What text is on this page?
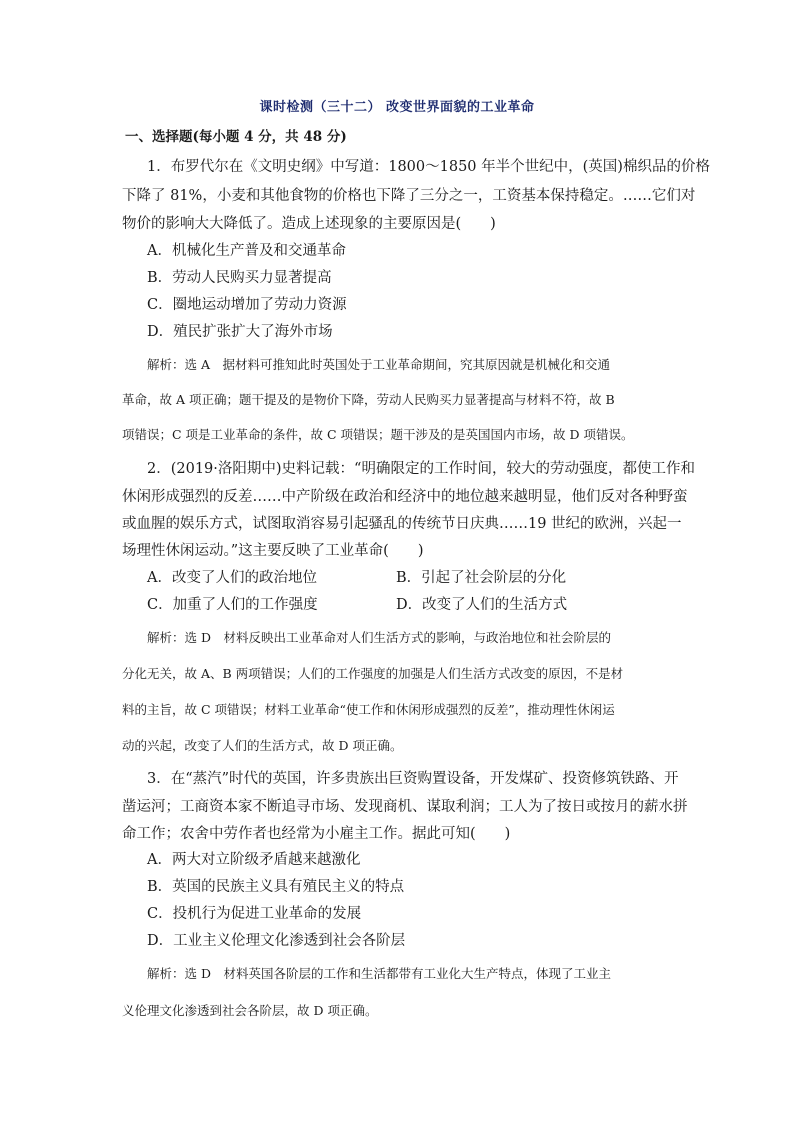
课时检测（三十二） 改变世界面貌的工业革命
一、选择题(每小题 4 分，共 48 分)
1．布罗代尔在《文明史纲》中写道：1800～1850 年半个世纪中，(英国)棉织品的价格
下降了 81%，小麦和其他食物的价格也下降了三分之一，工资基本保持稳定。……它们对
物价的影响大大降低了。造成上述现象的主要原因是(　　)
A．机械化生产普及和交通革命
B．劳动人民购买力显著提高
C．圈地运动增加了劳动力资源
D．殖民扩张扩大了海外市场
解析：选 A　据材料可推知此时英国处于工业革命期间，究其原因就是机械化和交通
革命，故 A 项正确；题干提及的是物价下降，劳动人民购买力显著提高与材料不符，故 B
项错误；C 项是工业革命的条件，故 C 项错误；题干涉及的是英国国内市场，故 D 项错误。
2．(2019·洛阳期中)史料记载：“明确限定的工作时间，较大的劳动强度，都使工作和
休闲形成强烈的反差……中产阶级在政治和经济中的地位越来越明显，他们反对各种野蛮
或血腥的娱乐方式，试图取消容易引起骚乱的传统节日庆典……19 世纪的欧洲，兴起一
场理性休闲运动。”这主要反映了工业革命(　　)
A．改变了人们的政治地位	B．引起了社会阶层的分化
C．加重了人们的工作强度	D．改变了人们的生活方式
解析：选 D　材料反映出工业革命对人们生活方式的影响，与政治地位和社会阶层的
分化无关，故 A、B 两项错误；人们的工作强度的加强是人们生活方式改变的原因，不是材
料的主旨，故 C 项错误；材料工业革命“使工作和休闲形成强烈的反差”，推动理性休闲运
动的兴起，改变了人们的生活方式，故 D 项正确。
3．在“蒸汽”时代的英国，许多贵族出巨资购置设备，开发煤矿、投资修筑铁路、开
凿运河；工商资本家不断追寻市场、发现商机、谋取利润；工人为了按日或按月的薪水拼
命工作；农舍中劳作者也经常为小雇主工作。据此可知(　　)
A．两大对立阶级矛盾越来越激化
B．英国的民族主义具有殖民主义的特点
C．投机行为促进工业革命的发展
D．工业主义伦理文化渗透到社会各阶层
解析：选 D　材料英国各阶层的工作和生活都带有工业化大生产特点，体现了工业主
义伦理文化渗透到社会各阶层，故 D 项正确。
